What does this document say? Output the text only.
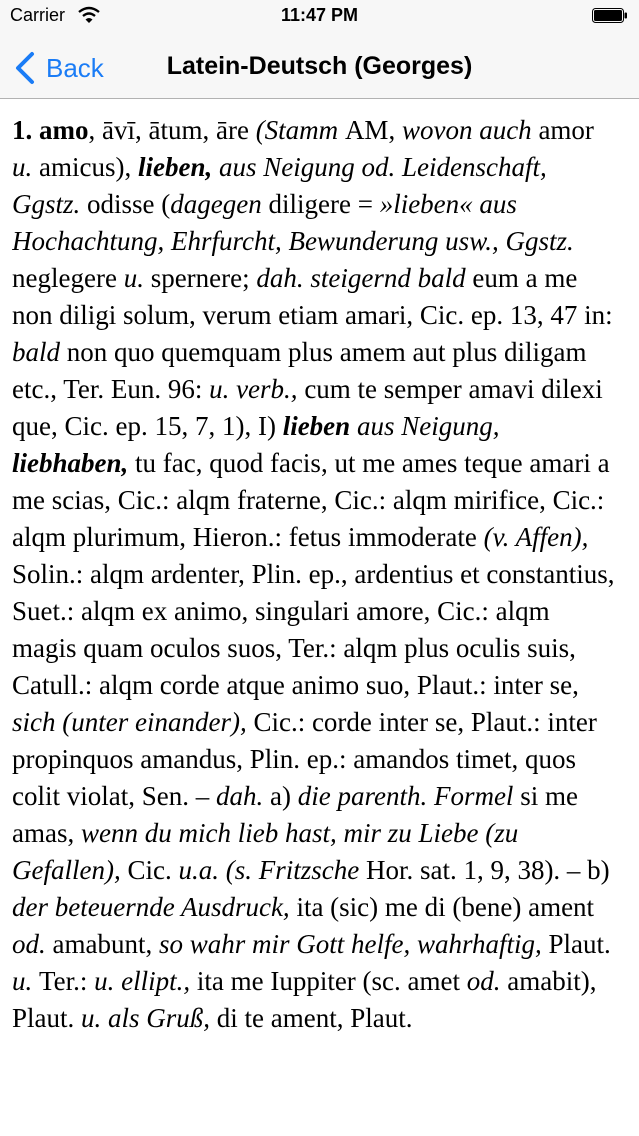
Carrier	11:47 PM
Back	Latein-Deutsch (Georges)

1. amo, āvī, ātum, āre (Stamm AM, wovon auch amor u. amicus), lieben, aus Neigung od. Leidenschaft, Ggstz. odisse (dagegen diligere = »lieben« aus Hochachtung, Ehrfurcht, Bewunderung usw., Ggstz. neglegere u. spernere; dah. steigernd bald eum a me non diligi solum, verum etiam amari, Cic. ep. 13, 47 in: bald non quo quemquam plus amem aut plus diligam etc., Ter. Eun. 96: u. verb., cum te semper amavi dilexi que, Cic. ep. 15, 7, 1), I) lieben aus Neigung, liebhaben, tu fac, quod facis, ut me ames teque amari a me scias, Cic.: alqm fraterne, Cic.: alqm mirifice, Cic.: alqm plurimum, Hieron.: fetus immoderate (v. Affen), Solin.: alqm ardenter, Plin. ep., ardentius et constantius, Suet.: alqm ex animo, singulari amore, Cic.: alqm magis quam oculos suos, Ter.: alqm plus oculis suis, Catull.: alqm corde atque animo suo, Plaut.: inter se, sich (unter einander), Cic.: corde inter se, Plaut.: inter propinquos amandus, Plin. ep.: amandos timet, quos colit violat, Sen. – dah. a) die parenth. Formel si me amas, wenn du mich lieb hast, mir zu Liebe (zu Gefallen), Cic. u.a. (s. Fritzsche Hor. sat. 1, 9, 38). – b) der beteuernde Ausdruck, ita (sic) me di (bene) ament od. amabunt, so wahr mir Gott helfe, wahrhaftig, Plaut. u. Ter.: u. ellipt., ita me Iuppiter (sc. amet od. amabit), Plaut. u. als Gruß, di te ament, Plaut.
